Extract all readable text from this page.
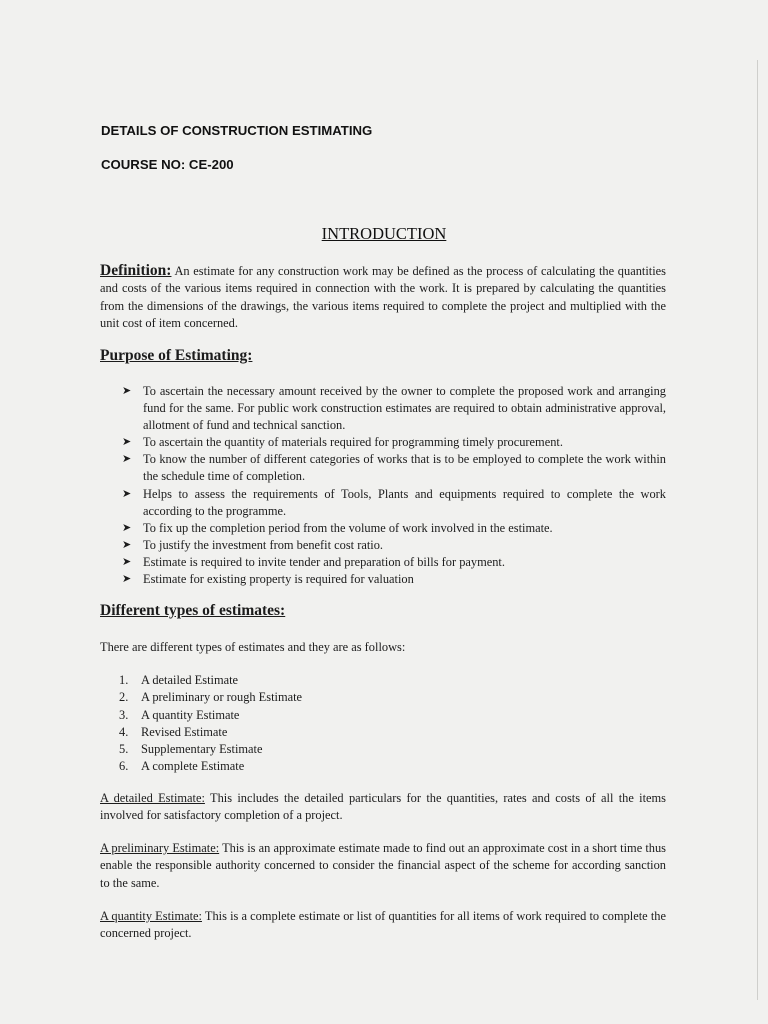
DETAILS OF CONSTRUCTION ESTIMATING
COURSE NO: CE-200
INTRODUCTION
Definition: An estimate for any construction work may be defined as the process of calculating the quantities and costs of the various items required in connection with the work. It is prepared by calculating the quantities from the dimensions of the drawings, the various items required to complete the project and multiplied with the unit cost of item concerned.
Purpose of Estimating:
➤ To ascertain the necessary amount received by the owner to complete the proposed work and arranging fund for the same. For public work construction estimates are required to obtain administrative approval, allotment of fund and technical sanction.
➤ To ascertain the quantity of materials required for programming timely procurement.
➤ To know the number of different categories of works that is to be employed to complete the work within the schedule time of completion.
➤ Helps to assess the requirements of Tools, Plants and equipments required to complete the work according to the programme.
➤ To fix up the completion period from the volume of work involved in the estimate.
➤ To justify the investment from benefit cost ratio.
➤ Estimate is required to invite tender and preparation of bills for payment.
➤ Estimate for existing property is required for valuation
Different types of estimates:
There are different types of estimates and they are as follows:
1. A detailed Estimate
2. A preliminary or rough Estimate
3. A quantity Estimate
4. Revised Estimate
5. Supplementary Estimate
6. A complete Estimate
A detailed Estimate: This includes the detailed particulars for the quantities, rates and costs of all the items involved for satisfactory completion of a project.
A preliminary Estimate: This is an approximate estimate made to find out an approximate cost in a short time thus enable the responsible authority concerned to consider the financial aspect of the scheme for according sanction to the same.
A quantity Estimate: This is a complete estimate or list of quantities for all items of work required to complete the concerned project.
